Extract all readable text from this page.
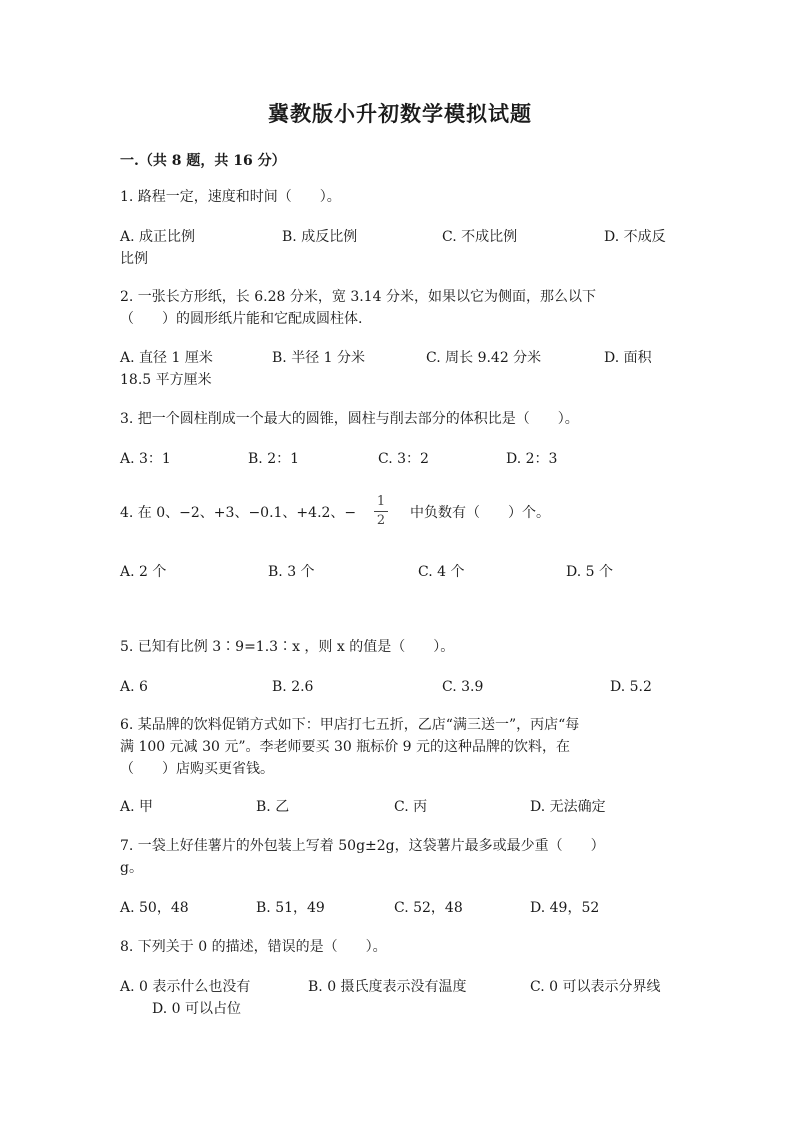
冀教版小升初数学模拟试题
一.（共 8 题，共 16 分）
1. 路程一定，速度和时间（　　）。
A. 成正比例	B. 成反比例	C. 不成比例	D. 不成反
比例
2. 一张长方形纸，长 6.28 分米，宽 3.14 分米，如果以它为侧面，那么以下
（　　）的圆形纸片能和它配成圆柱体.
A. 直径 1 厘米	B. 半径 1 分米	C. 周长 9.42 分米	D. 面积
18.5 平方厘米
3. 把一个圆柱削成一个最大的圆锥，圆柱与削去部分的体积比是（　　）。
A. 3：1	B. 2：1	C. 3：2	D. 2：3
4. 在 0、−2、+3、−0.1、+4.2、−
1
2 中负数有（　　）个。
A. 2 个	B. 3 个	C. 4 个	D. 5 个
5. 已知有比例 3∶9=1.3∶x ，则 x 的值是（　　）。
A. 6	B. 2.6	C. 3.9	D. 5.2
6. 某品牌的饮料促销方式如下：甲店打七五折，乙店“满三送一”，丙店“每
满 100 元减 30 元”。李老师要买 30 瓶标价 9 元的这种品牌的饮料，在
（　　）店购买更省钱。
A. 甲	B. 乙	C. 丙	D. 无法确定
7. 一袋上好佳薯片的外包装上写着 50g±2g，这袋薯片最多或最少重（　　）
g。
A. 50，48	B. 51，49	C. 52，48	D. 49，52
8. 下列关于 0 的描述，错误的是（　　）。
A. 0 表示什么也没有	B. 0 摄氏度表示没有温度	C. 0 可以表示分界线
D. 0 可以占位
